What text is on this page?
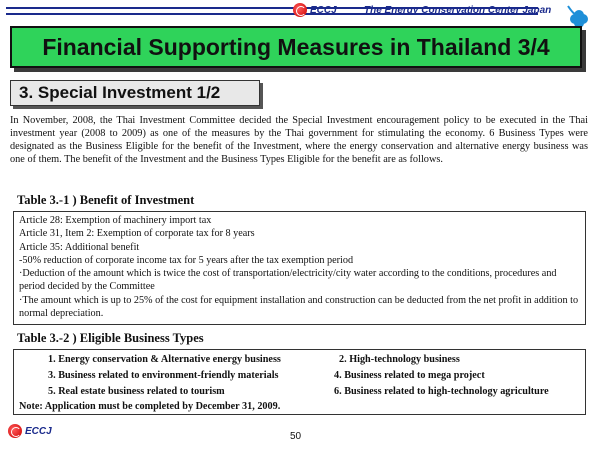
ECCJ	The Energy Conservation Center Japan
Financial Supporting Measures in Thailand 3/4
3. Special Investment 1/2
In November, 2008, the Thai Investment Committee decided the Special Investment encouragement policy to be executed in the Thai investment year (2008 to 2009) as one of the measures by the Thai government for stimulating the economy. 6 Business Types were designated as the Business Eligible for the benefit of the Investment, where the energy conservation and alternative energy business was one of them. The benefit of the Investment and the Business Types Eligible for the benefit are as follows.
Table 3.-1 ) Benefit of Investment
Article 28: Exemption of machinery import tax
Article 31, Item 2: Exemption of corporate tax for 8 years
Article 35: Additional benefit
-50% reduction of corporate income tax for 5 years after the tax exemption period
·Deduction of the amount which is twice the cost of transportation/electricity/city water according to the conditions, procedures and period decided by the Committee
·The amount which is up to 25% of the cost for equipment installation and construction can be deducted from the net profit in addition to normal depreciation.
Table 3.-2 ) Eligible Business Types
1. Energy conservation & Alternative energy business	2. High-technology business
3. Business related to environment-friendly materials	4. Business related to mega project
5. Real estate business related to tourism	6. Business related to high-technology agriculture
Note: Application must be completed by December 31, 2009.
ECCJ	50
